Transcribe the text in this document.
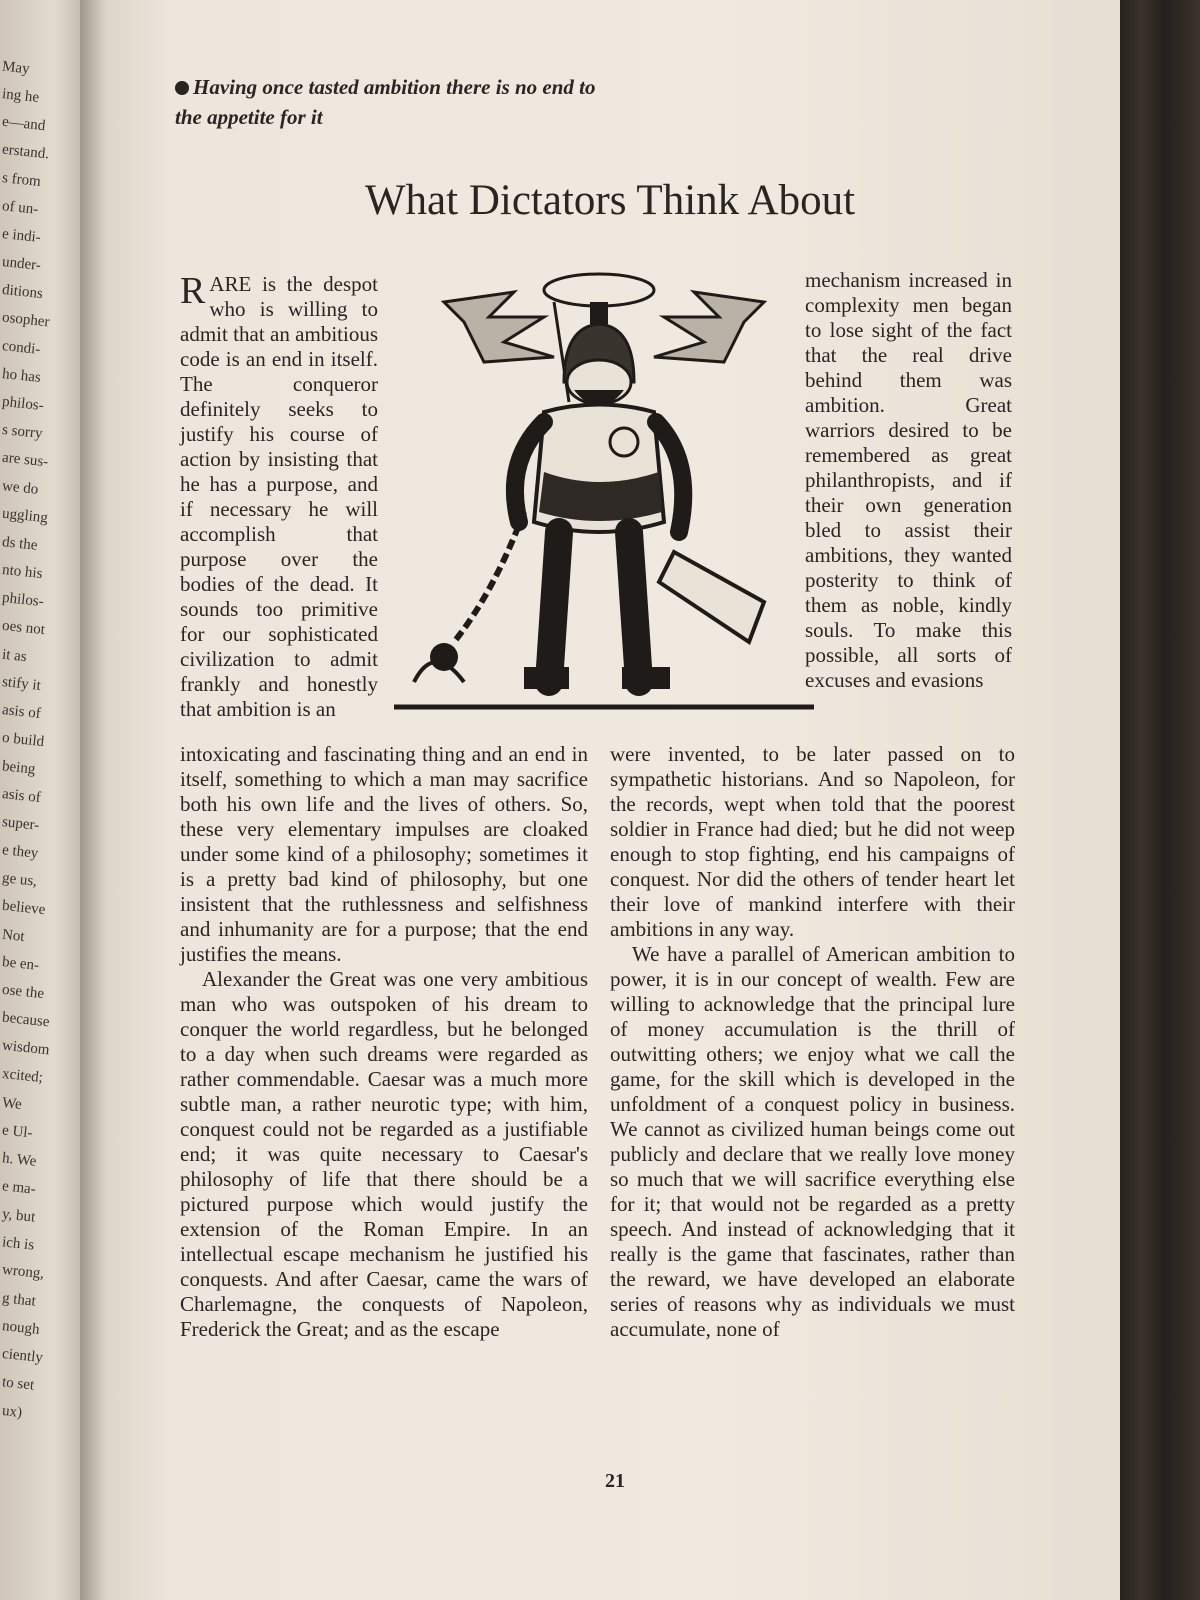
May
ing he
e—and
erstand.
s from
of un-
e indi-
under-
ditions
osopher
condi-
ho has
philos-
s sorry
are sus-
we do
uggling
ds the
nto his
philos-
oes not
it as
stify it
asis of
o build
being
asis of
super-
e they
ge us,
believe
Not
be en-
ose the
because
wisdom
xcited;
We
e Ul-
h. We
e ma-
y, but
ich is
wrong,
g that
nough
ciently
to set
ux)
Having once tasted ambition there is no end to the appetite for it
What Dictators Think About

RARE is the despot who is willing to admit that an ambitious code is an end in itself. The conqueror definitely seeks to justify his course of action by insisting that he has a purpose, and if necessary he will accomplish that purpose over the bodies of the dead. It sounds too primitive for our sophisticated civilization to admit frankly and honestly that ambition is an

mechanism increased in complexity men began to lose sight of the fact that the real drive behind them was ambition. Great warriors desired to be remembered as great philanthropists, and if their own generation bled to assist their ambitions, they wanted posterity to think of them as noble, kindly souls. To make this possible, all sorts of excuses and evasions

intoxicating and fascinating thing and an end in itself, something to which a man may sacrifice both his own life and the lives of others. So, these very elementary impulses are cloaked under some kind of a philosophy; sometimes it is a pretty bad kind of philosophy, but one insistent that the ruthlessness and selfishness and inhumanity are for a purpose; that the end justifies the means.

Alexander the Great was one very ambitious man who was outspoken of his dream to conquer the world regardless, but he belonged to a day when such dreams were regarded as rather commendable. Caesar was a much more subtle man, a rather neurotic type; with him, conquest could not be regarded as a justifiable end; it was quite necessary to Caesar's philosophy of life that there should be a pictured purpose which would justify the extension of the Roman Empire. In an intellectual escape mechanism he justified his conquests. And after Caesar, came the wars of Charlemagne, the conquests of Napoleon, Frederick the Great; and as the escape

were invented, to be later passed on to sympathetic historians. And so Napoleon, for the records, wept when told that the poorest soldier in France had died; but he did not weep enough to stop fighting, end his campaigns of conquest. Nor did the others of tender heart let their love of mankind interfere with their ambitions in any way.

We have a parallel of American ambition to power, it is in our concept of wealth. Few are willing to acknowledge that the principal lure of money accumulation is the thrill of outwitting others; we enjoy what we call the game, for the skill which is developed in the unfoldment of a conquest policy in business. We cannot as civilized human beings come out publicly and declare that we really love money so much that we will sacrifice everything else for it; that would not be regarded as a pretty speech. And instead of acknowledging that it really is the game that fascinates, rather than the reward, we have developed an elaborate series of reasons why as individuals we must accumulate, none of

21
